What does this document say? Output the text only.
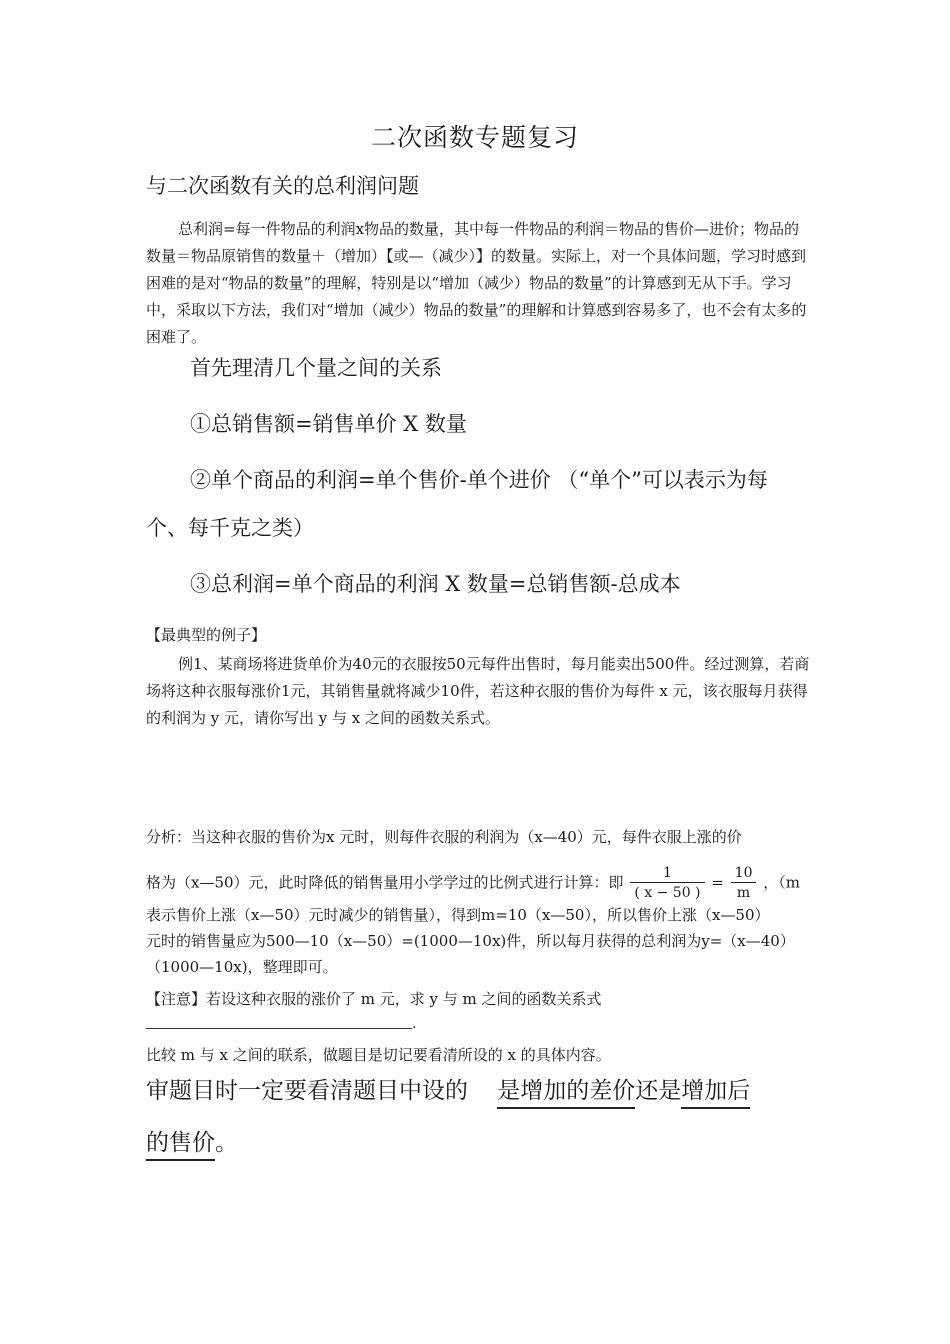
二次函数专题复习
与二次函数有关的总利润问题
总利润=每一件物品的利润x物品的数量，其中每一件物品的利润＝物品的售价—进价；物品的数量＝物品原销售的数量＋（增加）【或—（减少）】的数量。实际上，对一个具体问题，学习时感到困难的是对“物品的数量”的理解，特别是以“增加（减少）物品的数量”的计算感到无从下手。学习中，采取以下方法，我们对“增加（减少）物品的数量”的理解和计算感到容易多了，也不会有太多的困难了。
首先理清几个量之间的关系
①总销售额=销售单价 X 数量
②单个商品的利润=单个售价-单个进价 （“单个”可以表示为每
个、每千克之类）
③总利润=单个商品的利润 X 数量=总销售额-总成本
【最典型的例子】
例1、某商场将进货单价为40元的衣服按50元每件出售时，每月能卖出500件。经过测算，若商场将这种衣服每涨价1元，其销售量就将减少10件，若这种衣服的售价为每件 x 元，该衣服每月获得的利润为 y 元，请你写出 y 与 x 之间的函数关系式。
分析：当这种衣服的售价为x 元时，则每件衣服的利润为（x—40）元，每件衣服上涨的价
格为（x—50）元，此时降低的销售量用小学学过的比例式进行计算：即 $\frac{1}{( x - 50 )} = \frac{10}{m}$ ，（m
表示售价上涨（x—50）元时减少的销售量），得到m=10（x—50），所以售价上涨（x—50）
元时的销售量应为500—10（x—50）=(1000—10x)件，所以每月获得的总利润为y=（x—40）
（1000—10x)，整理即可。
【注意】若设这种衣服的涨价了 m 元，求 y 与 m 之间的函数关系式
.
比较 m 与 x 之间的联系，做题目是切记要看清所设的 x 的具体内容。
审题目时一定要看清题目中设的 是增加的差价还是增加后
的售价。
